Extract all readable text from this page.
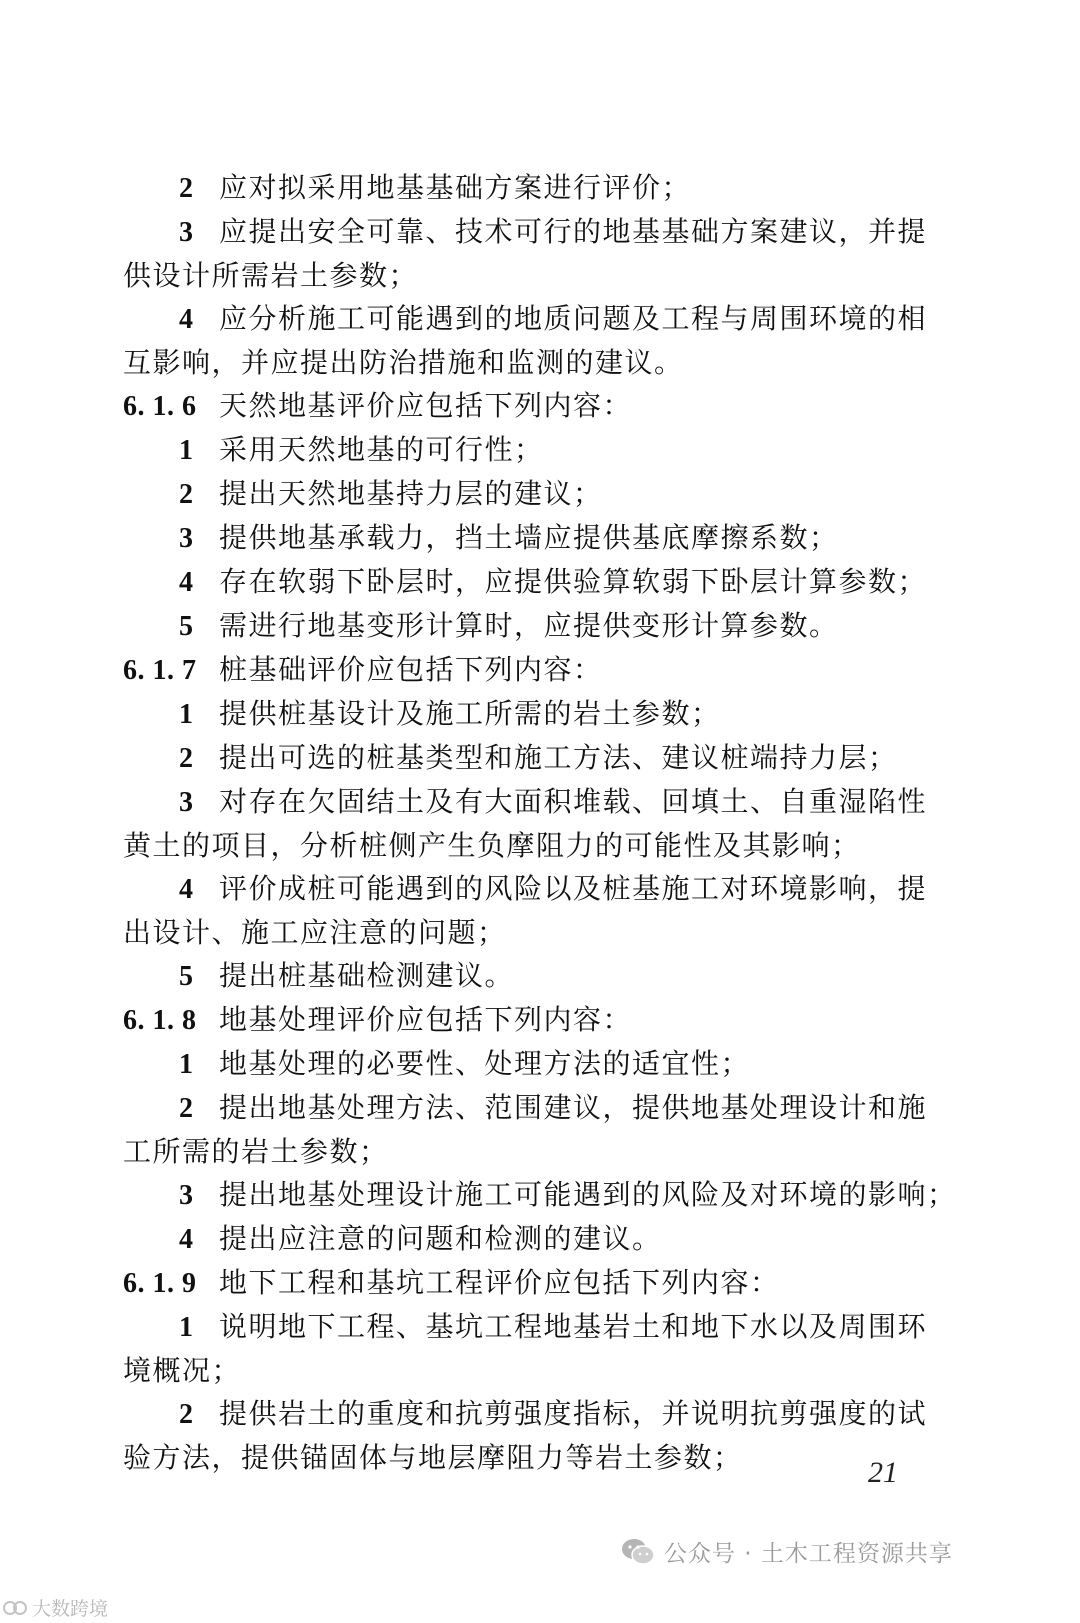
2 应对拟采用地基基础方案进行评价；
3 应提出安全可靠、技术可行的地基基础方案建议，并提
供设计所需岩土参数；
4 应分析施工可能遇到的地质问题及工程与周围环境的相
互影响，并应提出防治措施和监测的建议。
6. 1. 6 天然地基评价应包括下列内容：
1 采用天然地基的可行性；
2 提出天然地基持力层的建议；
3 提供地基承载力，挡土墙应提供基底摩擦系数；
4 存在软弱下卧层时，应提供验算软弱下卧层计算参数；
5 需进行地基变形计算时，应提供变形计算参数。
6. 1. 7 桩基础评价应包括下列内容：
1 提供桩基设计及施工所需的岩土参数；
2 提出可选的桩基类型和施工方法、建议桩端持力层；
3 对存在欠固结土及有大面积堆载、回填土、自重湿陷性
黄土的项目，分析桩侧产生负摩阻力的可能性及其影响；
4 评价成桩可能遇到的风险以及桩基施工对环境影响，提
出设计、施工应注意的问题；
5 提出桩基础检测建议。
6. 1. 8 地基处理评价应包括下列内容：
1 地基处理的必要性、处理方法的适宜性；
2 提出地基处理方法、范围建议，提供地基处理设计和施
工所需的岩土参数；
3 提出地基处理设计施工可能遇到的风险及对环境的影响；
4 提出应注意的问题和检测的建议。
6. 1. 9 地下工程和基坑工程评价应包括下列内容：
1 说明地下工程、基坑工程地基岩土和地下水以及周围环
境概况；
2 提供岩土的重度和抗剪强度指标，并说明抗剪强度的试
验方法，提供锚固体与地层摩阻力等岩土参数；	21
公众号 · 土木工程资源共享
大数跨境
